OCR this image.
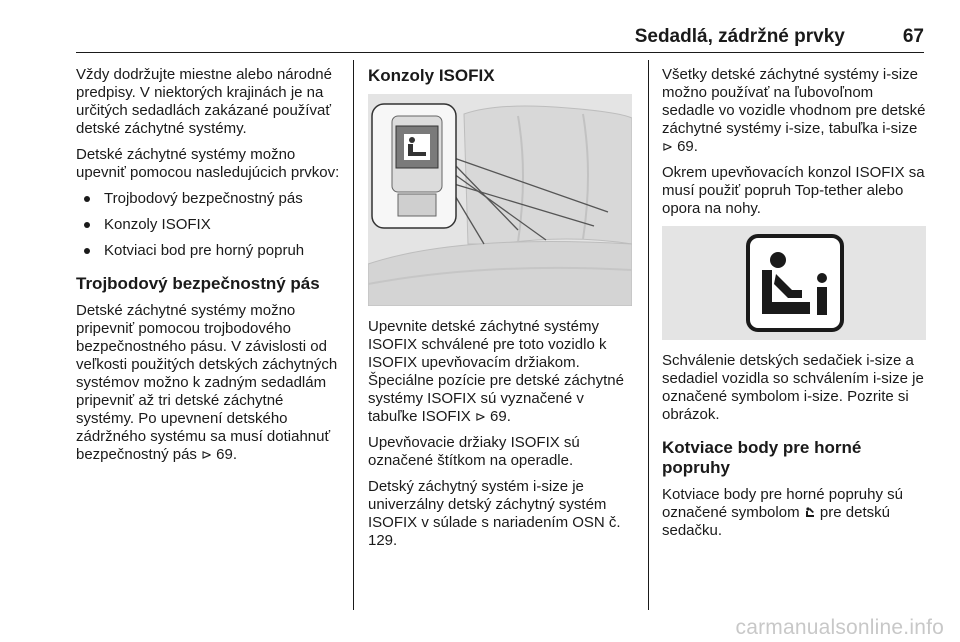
Sedadlá, zádržné prvky	67

Vždy dodržujte miestne alebo národné predpisy. V niektorých krajinách je na určitých sedadlách zakázané používať detské záchytné systémy.

Detské záchytné systémy možno upevniť pomocou nasledujúcich prvkov:

Trojbodový bezpečnostný pás
Konzoly ISOFIX
Kotviaci bod pre horný popruh
Trojbodový bezpečnostný pás

Detské záchytné systémy možno pripevniť pomocou trojbodového bezpečnostného pásu. V závislosti od veľkosti použitých detských záchytných systémov možno k zadným sedadlám pripevniť až tri detské záchytné systémy. Po upevnení detského zádržného systému sa musí dotiahnuť bezpečnostný pás ⊳ 69.

Konzoly ISOFIX

Upevnite detské záchytné systémy ISOFIX schválené pre toto vozidlo k ISOFIX upevňovacím držiakom. Špeciálne pozície pre detské záchytné systémy ISOFIX sú vyznačené v tabuľke ISOFIX ⊳ 69.

Upevňovacie držiaky ISOFIX sú označené štítkom na operadle.

Detský záchytný systém i-size je univerzálny detský záchytný systém ISOFIX v súlade s nariadením OSN č. 129.

Všetky detské záchytné systémy i-size možno používať na ľubovoľnom sedadle vo vozidle vhodnom pre detské záchytné systémy i-size, tabuľka i-size ⊳ 69.

Okrem upevňovacích konzol ISOFIX sa musí použiť popruh Top-tether alebo opora na nohy.

Schválenie detských sedačiek i-size a sedadiel vozidla so schválením i-size je označené symbolom i-size. Pozrite si obrázok.

Kotviace body pre horné popruhy

Kotviace body pre horné popruhy sú označené symbolom pre detskú sedačku.

carmanualsonline.info
